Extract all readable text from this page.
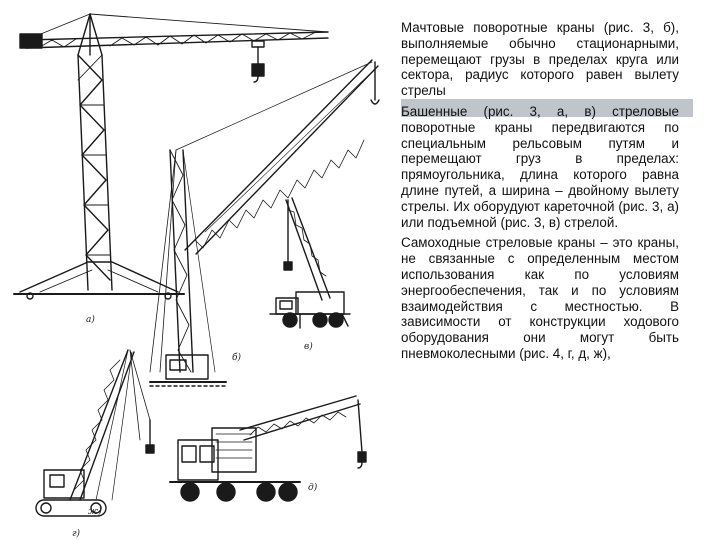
а)
б)
в)
г)
д)
ж)

Мачтовые поворотные краны (рис. 3, б), выполняемые обычно стационарными, перемещают грузы в пределах круга или сектора, радиус которого равен вылету стрелы

Башенные (рис. 3, а, в) стреловые поворотные краны передвигаются по специальным рельсовым путям и перемещают груз в пределах: прямоугольника, длина которого равна длине путей, а ширина – двойному вылету стрелы. Их оборудуют кареточной (рис. 3, а) или подъемной (рис. 3, в) стрелой.

Самоходные стреловые краны – это краны, не связанные с определенным местом использования как по условиям энергообеспечения, так и по условиям взаимодействия с местностью. В зависимости от конструкции ходового оборудования они могут быть пневмоколесными (рис. 4, г, д, ж),
